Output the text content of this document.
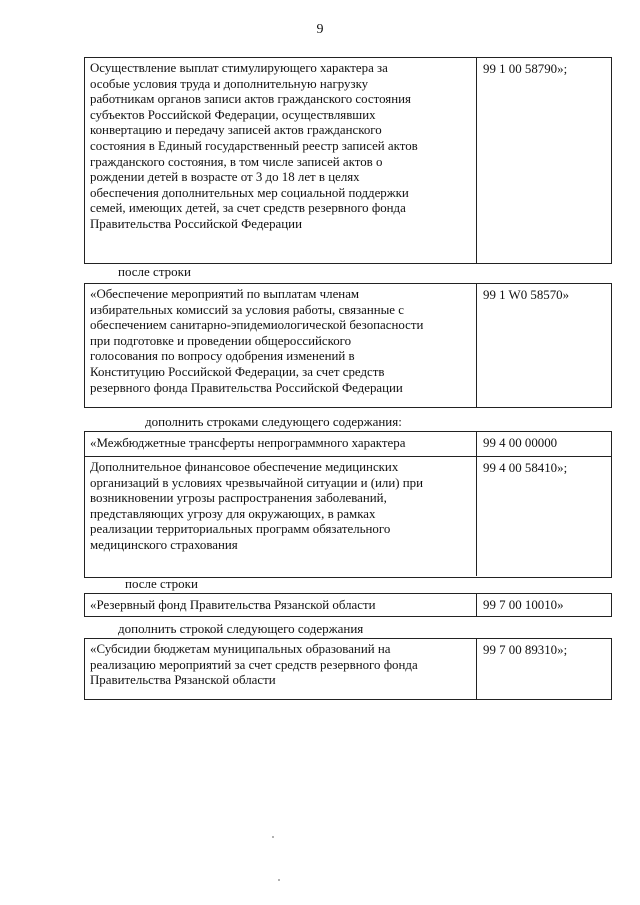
9
Осуществление выплат стимулирующего характера за
особые условия труда и дополнительную нагрузку
работникам органов записи актов гражданского состояния
субъектов Российской Федерации, осуществлявших
конвертацию и передачу записей актов гражданского
состояния в Единый государственный реестр записей актов
гражданского состояния, в том числе записей актов о
рождении детей в возрасте от 3 до 18 лет в целях
обеспечения дополнительных мер социальной поддержки
семей, имеющих детей, за счет средств резервного фонда
Правительства Российской Федерации
99 1 00 58790»;
после строки
«Обеспечение мероприятий по выплатам членам
избирательных комиссий за условия работы, связанные с
обеспечением санитарно-эпидемиологической безопасности
при подготовке и проведении общероссийского
голосования по вопросу одобрения изменений в
Конституцию Российской Федерации, за счет средств
резервного фонда Правительства Российской Федерации
99 1 W0 58570»
дополнить строками следующего содержания:
«Межбюджетные трансферты непрограммного характера	99 4 00 00000
Дополнительное финансовое обеспечение медицинских
организаций в условиях чрезвычайной ситуации и (или) при
возникновении угрозы распространения заболеваний,
представляющих угрозу для окружающих, в рамках
реализации территориальных программ обязательного
медицинского страхования
99 4 00 58410»;
после строки
«Резервный фонд Правительства Рязанской области	99 7 00 10010»
дополнить строкой следующего содержания
«Субсидии бюджетам муниципальных образований на
реализацию мероприятий за счет средств резервного фонда
Правительства Рязанской области
99 7 00 89310»;
